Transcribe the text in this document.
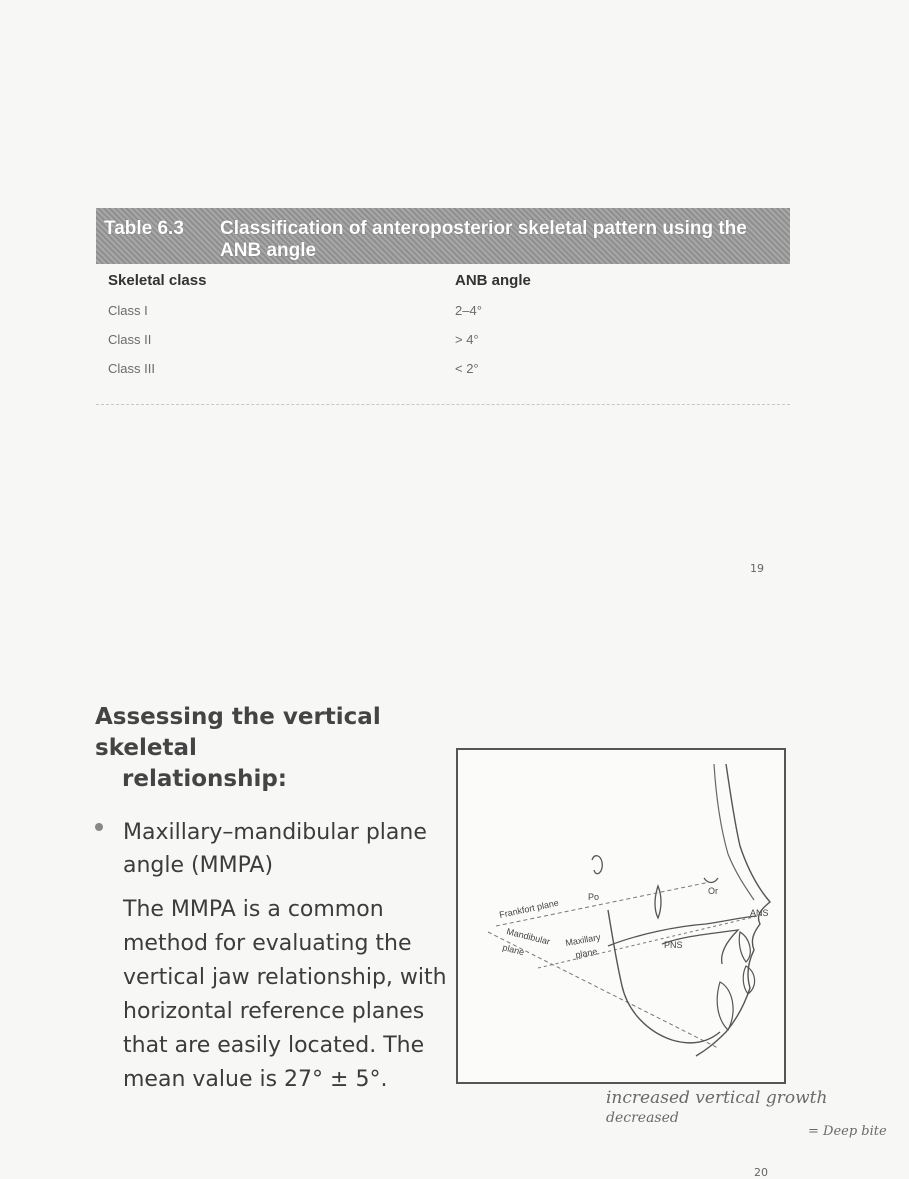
Table 6.3 Classification of anteroposterior skeletal pattern using the ANB angle
Skeletal class	ANB angle
Class I	2–4°
Class II	> 4°
Class III	< 2°
19
Assessing the vertical skeletal
relationship:
Maxillary–mandibular plane angle (MMPA)
The MMPA is a common method for evaluating the vertical jaw relationship, with horizontal reference planes that are easily located. The mean value is 27° ± 5°.
Frankfort plane
Po
Or
ANS
PNS
Mandibular
plane
Maxillary
plane
increased vertical growth
decreased
= Deep bite
20
